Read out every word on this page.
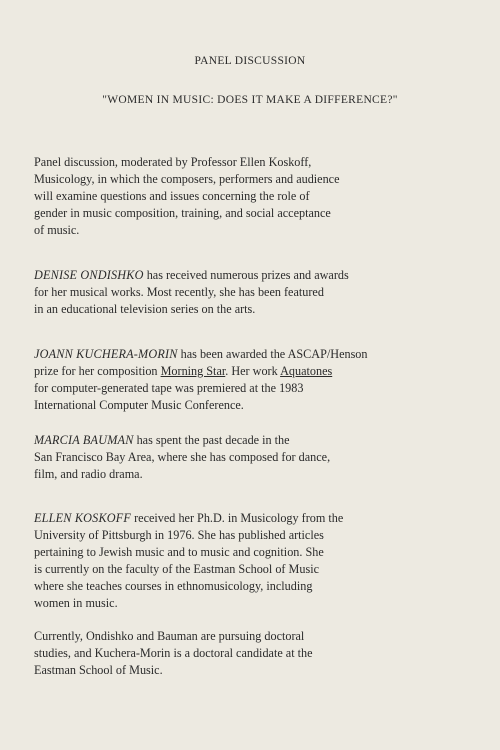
PANEL DISCUSSION
"WOMEN IN MUSIC: DOES IT MAKE A DIFFERENCE?"
Panel discussion, moderated by Professor Ellen Koskoff,
Musicology, in which the composers, performers and audience
will examine questions and issues concerning the role of
gender in music composition, training, and social acceptance
of music.
DENISE ONDISHKO has received numerous prizes and awards
for her musical works. Most recently, she has been featured
in an educational television series on the arts.
JOANN KUCHERA-MORIN has been awarded the ASCAP/Henson
prize for her composition Morning Star. Her work Aquatones
for computer-generated tape was premiered at the 1983
International Computer Music Conference.
MARCIA BAUMAN has spent the past decade in the
San Francisco Bay Area, where she has composed for dance,
film, and radio drama.
ELLEN KOSKOFF received her Ph.D. in Musicology from the
University of Pittsburgh in 1976. She has published articles
pertaining to Jewish music and to music and cognition. She
is currently on the faculty of the Eastman School of Music
where she teaches courses in ethnomusicology, including
women in music.
Currently, Ondishko and Bauman are pursuing doctoral
studies, and Kuchera-Morin is a doctoral candidate at the
Eastman School of Music.
